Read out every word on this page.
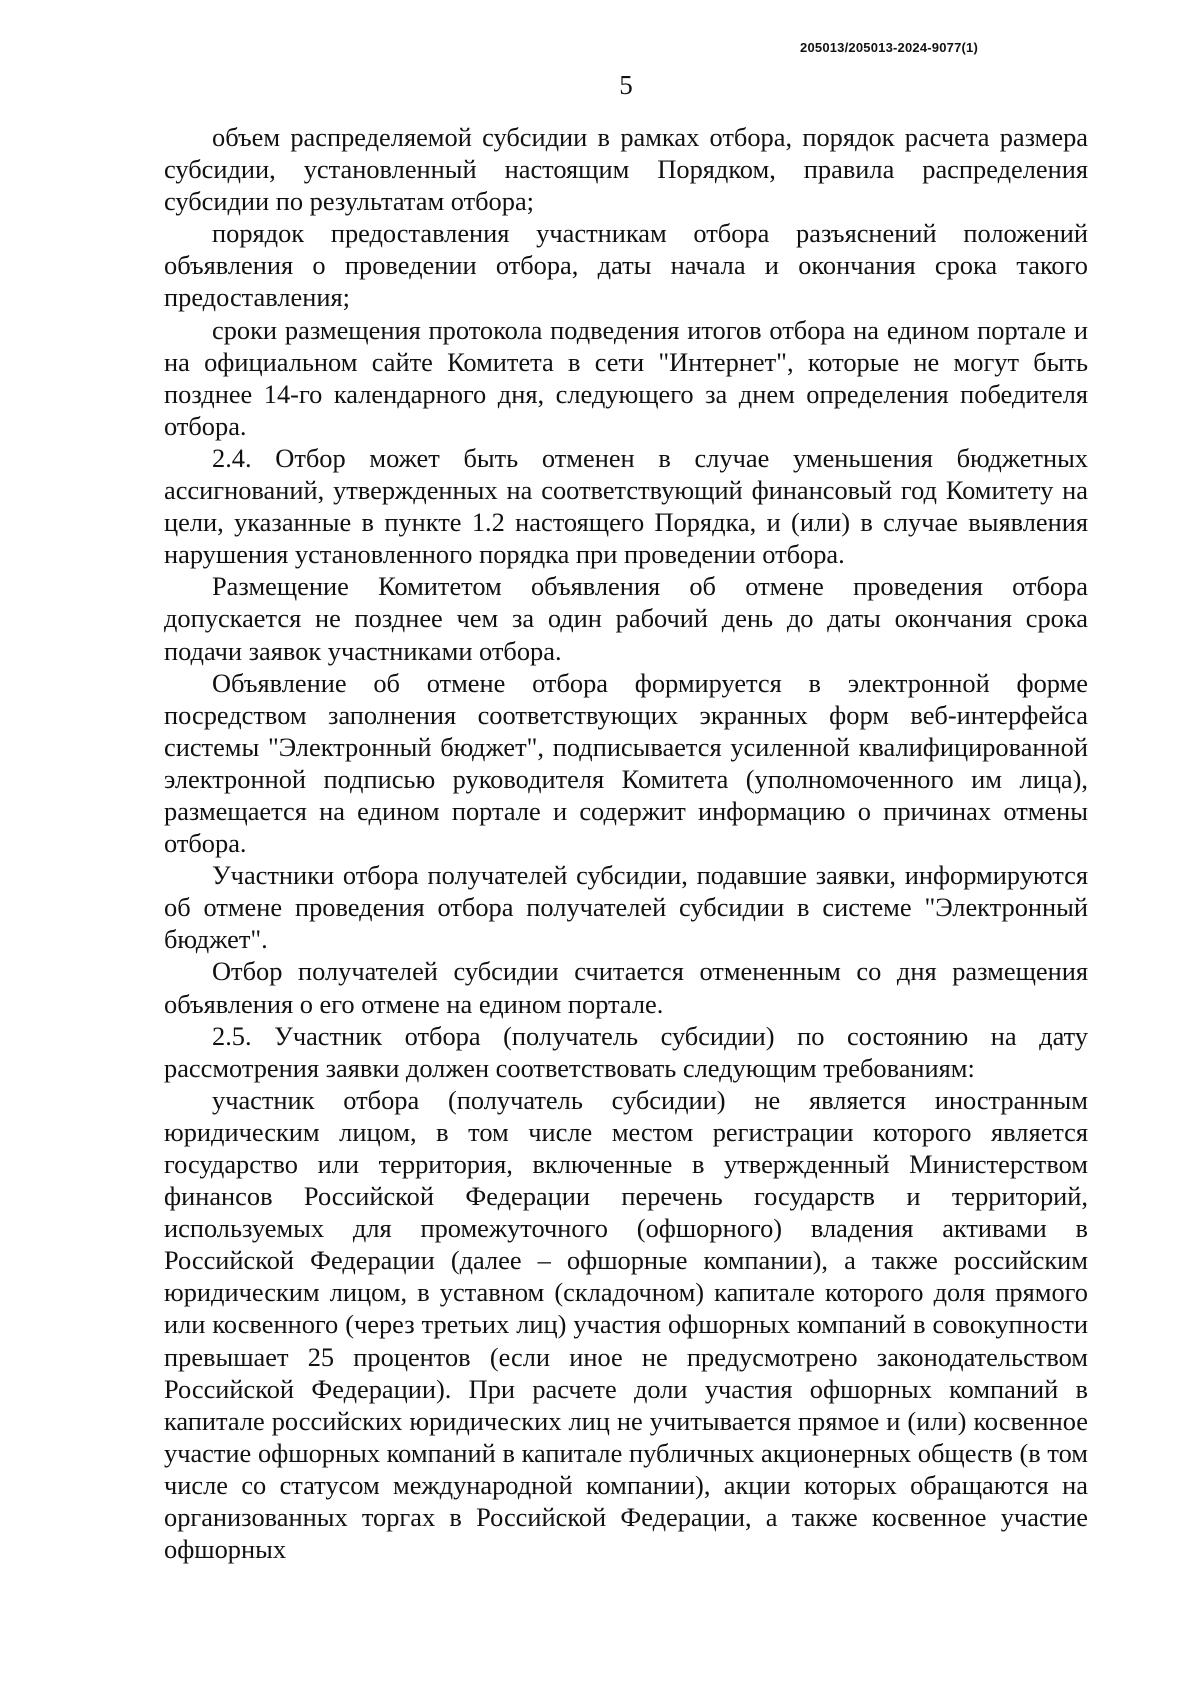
205013/205013-2024-9077(1)
5

объем распределяемой субсидии в рамках отбора, порядок расчета размера субсидии, установленный настоящим Порядком, правила распределения субсидии по результатам отбора;

порядок предоставления участникам отбора разъяснений положений объявления о проведении отбора, даты начала и окончания срока такого предоставления;

сроки размещения протокола подведения итогов отбора на едином портале и на официальном сайте Комитета в сети "Интернет", которые не могут быть позднее 14-го календарного дня, следующего за днем определения победителя отбора.

2.4. Отбор может быть отменен в случае уменьшения бюджетных ассигнований, утвержденных на соответствующий финансовый год Комитету на цели, указанные в пункте 1.2 настоящего Порядка, и (или) в случае выявления нарушения установленного порядка при проведении отбора.

Размещение Комитетом объявления об отмене проведения отбора допускается не позднее чем за один рабочий день до даты окончания срока подачи заявок участниками отбора.

Объявление об отмене отбора формируется в электронной форме посредством заполнения соответствующих экранных форм веб-интерфейса системы "Электронный бюджет", подписывается усиленной квалифицированной электронной подписью руководителя Комитета (уполномоченного им лица), размещается на едином портале и содержит информацию о причинах отмены отбора.

Участники отбора получателей субсидии, подавшие заявки, информируются об отмене проведения отбора получателей субсидии в системе "Электронный бюджет".

Отбор получателей субсидии считается отмененным со дня размещения объявления о его отмене на едином портале.

2.5. Участник отбора (получатель субсидии) по состоянию на дату рассмотрения заявки должен соответствовать следующим требованиям:

участник отбора (получатель субсидии) не является иностранным юридическим лицом, в том числе местом регистрации которого является государство или территория, включенные в утвержденный Министерством финансов Российской Федерации перечень государств и территорий, используемых для промежуточного (офшорного) владения активами в Российской Федерации (далее – офшорные компании), а также российским юридическим лицом, в уставном (складочном) капитале которого доля прямого или косвенного (через третьих лиц) участия офшорных компаний в совокупности превышает 25 процентов (если иное не предусмотрено законодательством Российской Федерации). При расчете доли участия офшорных компаний в капитале российских юридических лиц не учитывается прямое и (или) косвенное участие офшорных компаний в капитале публичных акционерных обществ (в том числе со статусом международной компании), акции которых обращаются на организованных торгах в Российской Федерации, а также косвенное участие офшорных
